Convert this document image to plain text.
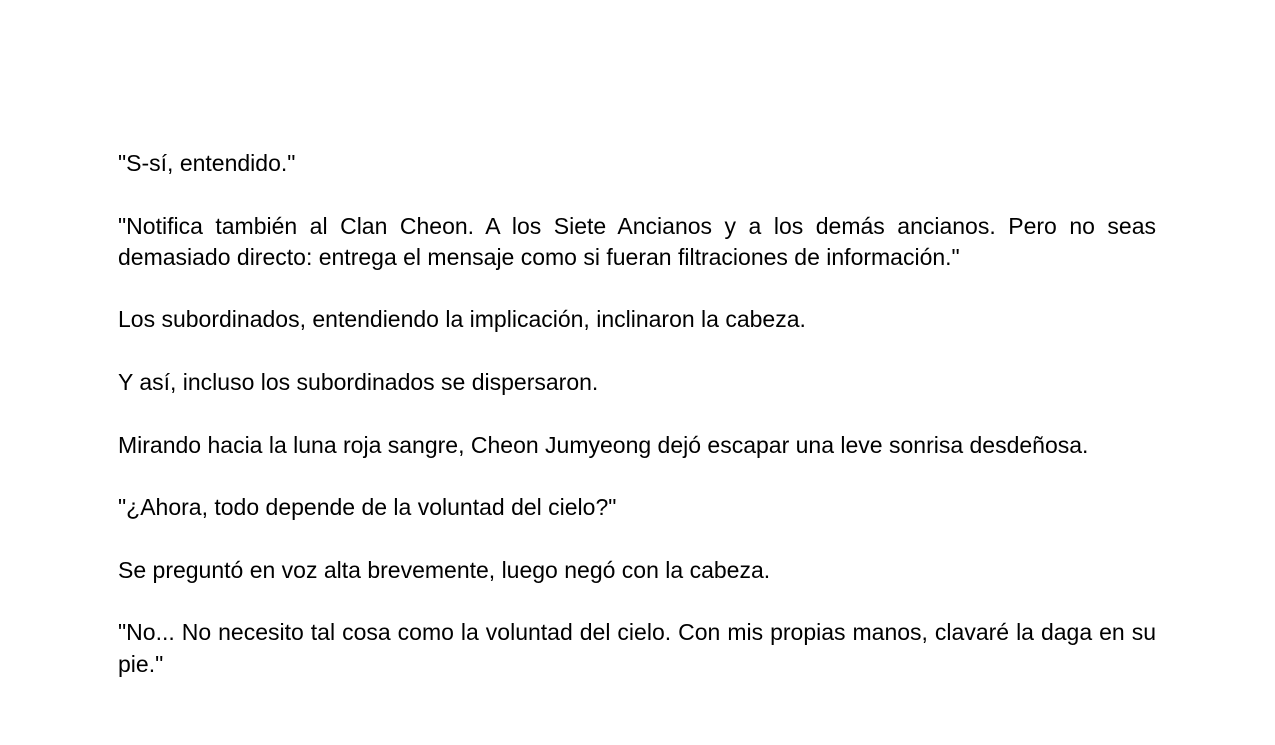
"S-sí, entendido."

"Notifica también al Clan Cheon. A los Siete Ancianos y a los demás ancianos. Pero no seas demasiado directo: entrega el mensaje como si fueran filtraciones de información."

Los subordinados, entendiendo la implicación, inclinaron la cabeza.

Y así, incluso los subordinados se dispersaron.

Mirando hacia la luna roja sangre, Cheon Jumyeong dejó escapar una leve sonrisa desdeñosa.

"¿Ahora, todo depende de la voluntad del cielo?"

Se preguntó en voz alta brevemente, luego negó con la cabeza.

"No... No necesito tal cosa como la voluntad del cielo. Con mis propias manos, clavaré la daga en su pie."
